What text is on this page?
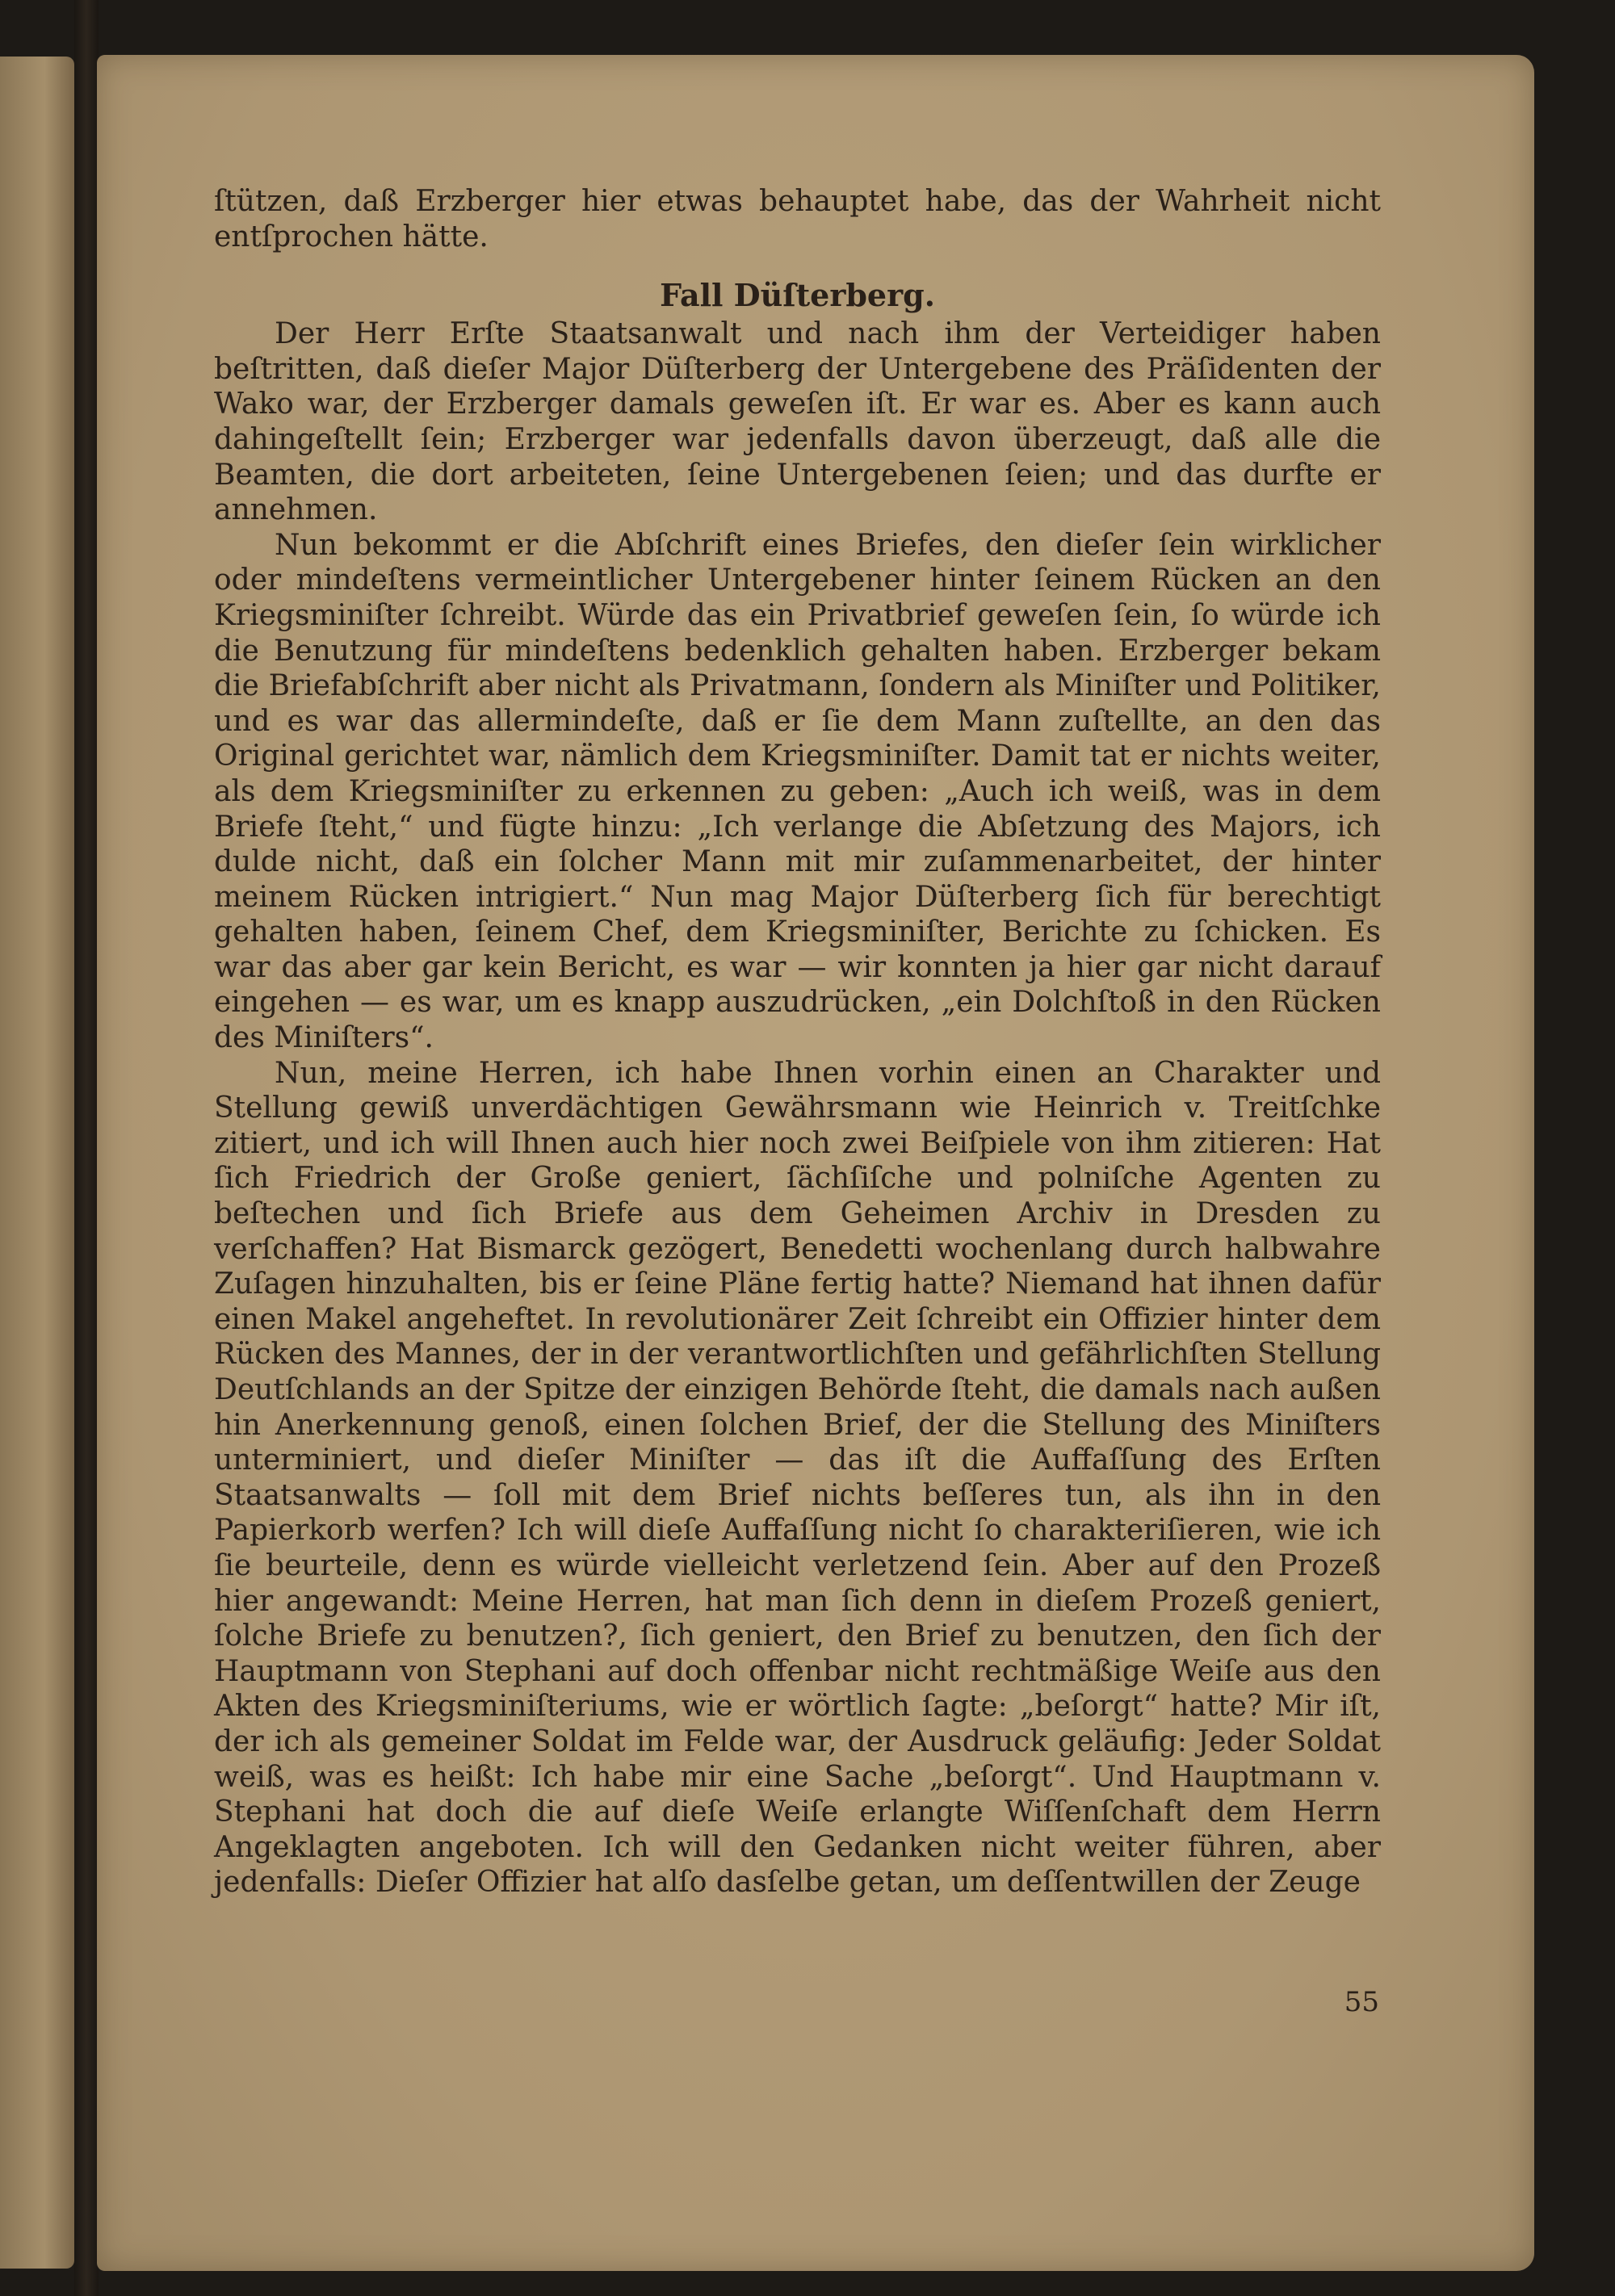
ſtützen, daß Erzberger hier etwas behauptet habe, das der Wahrheit nicht entſprochen hätte.

Fall Düſterberg.

Der Herr Erſte Staatsanwalt und nach ihm der Verteidiger haben beſtritten, daß dieſer Major Düſterberg der Untergebene des Präſidenten der Wako war, der Erzberger damals geweſen iſt. Er war es. Aber es kann auch dahingeſtellt ſein; Erzberger war jedenfalls davon überzeugt, daß alle die Beamten, die dort arbeiteten, ſeine Untergebenen ſeien; und das durfte er annehmen.

Nun bekommt er die Abſchrift eines Briefes, den dieſer ſein wirklicher oder mindeſtens vermeintlicher Untergebener hinter ſeinem Rücken an den Kriegsminiſter ſchreibt. Würde das ein Privatbrief geweſen ſein, ſo würde ich die Benutzung für mindeſtens bedenklich gehalten haben. Erzberger bekam die Briefabſchrift aber nicht als Privatmann, ſondern als Miniſter und Politiker, und es war das allermindeſte, daß er ſie dem Mann zuſtellte, an den das Original gerichtet war, nämlich dem Kriegsminiſter. Damit tat er nichts weiter, als dem Kriegsminiſter zu erkennen zu geben: „Auch ich weiß, was in dem Briefe ſteht,“ und fügte hinzu: „Ich verlange die Abſetzung des Majors, ich dulde nicht, daß ein ſolcher Mann mit mir zuſammenarbeitet, der hinter meinem Rücken intrigiert.“ Nun mag Major Düſterberg ſich für berechtigt gehalten haben, ſeinem Chef, dem Kriegsminiſter, Berichte zu ſchicken. Es war das aber gar kein Bericht, es war — wir konnten ja hier gar nicht darauf eingehen — es war, um es knapp auszudrücken, „ein Dolchſtoß in den Rücken des Miniſters“.

Nun, meine Herren, ich habe Ihnen vorhin einen an Charakter und Stellung gewiß unverdächtigen Gewährsmann wie Heinrich v. Treitſchke zitiert, und ich will Ihnen auch hier noch zwei Beiſpiele von ihm zitieren: Hat ſich Friedrich der Große geniert, ſächſiſche und polniſche Agenten zu beſtechen und ſich Briefe aus dem Geheimen Archiv in Dresden zu verſchaffen? Hat Bismarck gezögert, Benedetti wochenlang durch halbwahre Zuſagen hinzuhalten, bis er ſeine Pläne fertig hatte? Niemand hat ihnen dafür einen Makel angeheftet. In revolutionärer Zeit ſchreibt ein Offizier hinter dem Rücken des Mannes, der in der verantwortlichſten und gefährlichſten Stellung Deutſchlands an der Spitze der einzigen Behörde ſteht, die damals nach außen hin Anerkennung genoß, einen ſolchen Brief, der die Stellung des Miniſters unterminiert, und dieſer Miniſter — das iſt die Auffaſſung des Erſten Staatsanwalts — ſoll mit dem Brief nichts beſſeres tun, als ihn in den Papierkorb werfen? Ich will dieſe Auffaſſung nicht ſo charakteriſieren, wie ich ſie beurteile, denn es würde vielleicht verletzend ſein. Aber auf den Prozeß hier angewandt: Meine Herren, hat man ſich denn in dieſem Prozeß geniert, ſolche Briefe zu benutzen?, ſich geniert, den Brief zu benutzen, den ſich der Hauptmann von Stephani auf doch offenbar nicht rechtmäßige Weiſe aus den Akten des Kriegsminiſteriums, wie er wörtlich ſagte: „beſorgt“ hatte? Mir iſt, der ich als gemeiner Soldat im Felde war, der Ausdruck geläufig: Jeder Soldat weiß, was es heißt: Ich habe mir eine Sache „beſorgt“. Und Hauptmann v. Stephani hat doch die auf dieſe Weiſe erlangte Wiſſenſchaft dem Herrn Angeklagten angeboten. Ich will den Gedanken nicht weiter führen, aber jedenfalls: Dieſer Offizier hat alſo dasſelbe getan, um deſſentwillen der Zeuge

55
